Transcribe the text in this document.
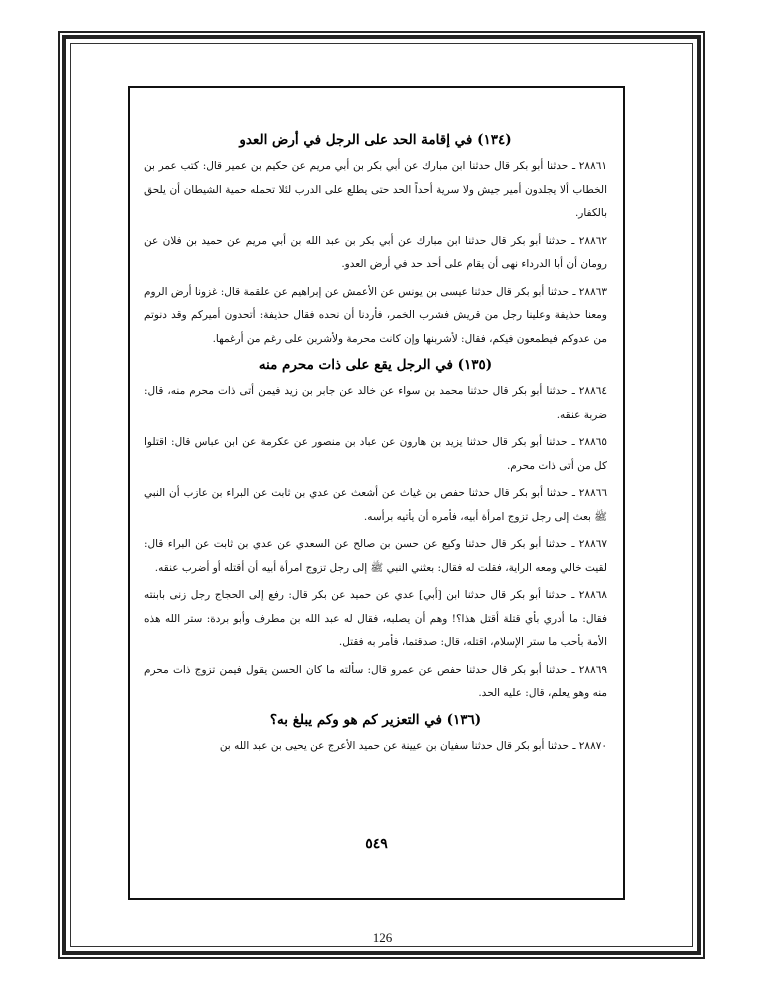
(١٣٤) في إقامة الحد على الرجل في أرض العدو

٢٨٨٦١ ـ حدثنا أبو بكر قال حدثنا ابن مبارك عن أبي بكر بن أبي مريم عن حكيم بن عمير قال: كتب عمر بن الخطاب ألا يجلدون أمير جيش ولا سرية أحداً الحد حتى يطلع على الدرب لئلا تحمله حمية الشيطان أن يلحق بالكفار.

٢٨٨٦٢ ـ حدثنا أبو بكر قال حدثنا ابن مبارك عن أبي بكر بن عبد الله بن أبي مريم عن حميد بن فلان عن رومان أن أبا الدرداء نهى أن يقام على أحد حد في أرض العدو.

٢٨٨٦٣ ـ حدثنا أبو بكر قال حدثنا عيسى بن يونس عن الأعمش عن إبراهيم عن علقمة قال: غزونا أرض الروم ومعنا حذيفة وعلينا رجل من قريش فشرب الخمر، فأردنا أن نحده فقال حذيفة: أتحدون أميركم وقد دنوتم من عدوكم فيطمعون فيكم، فقال: لأشربنها وإن كانت محرمة ولأشربن على رغم من أرغمها.

(١٣٥) في الرجل يقع على ذات محرم منه

٢٨٨٦٤ ـ حدثنا أبو بكر قال حدثنا محمد بن سواء عن خالد عن جابر بن زيد فيمن أتى ذات محرم منه، قال: ضربة عنقه.

٢٨٨٦٥ ـ حدثنا أبو بكر قال حدثنا يزيد بن هارون عن عباد بن منصور عن عكرمة عن ابن عباس قال: اقتلوا كل من أتى ذات محرم.

٢٨٨٦٦ ـ حدثنا أبو بكر قال حدثنا حفص بن غياث عن أشعث عن عدي بن ثابت عن البراء بن عازب أن النبي ﷺ بعث إلى رجل تزوج امرأة أبيه، فأمره أن يأتيه برأسه.

٢٨٨٦٧ ـ حدثنا أبو بكر قال حدثنا وكيع عن حسن بن صالح عن السعدي عن عدي بن ثابت عن البراء قال: لقيت خالي ومعه الراية، فقلت له فقال: بعثني النبي ﷺ إلى رجل تزوج امرأة أبيه أن أقتله أو أضرب عنقه.

٢٨٨٦٨ ـ حدثنا أبو بكر قال حدثنا ابن [أبي] عدي عن حميد عن بكر قال: رفع إلى الحجاج رجل زنى بابنته فقال: ما أدري بأي قتلة أقتل هذا؟! وهم أن يصلبه، فقال له عبد الله بن مطرف وأبو بردة: ستر الله هذه الأمة بأحب ما ستر الإسلام، اقتله، قال: صدقتما، فأمر به فقتل.

٢٨٨٦٩ ـ حدثنا أبو بكر قال حدثنا حفص عن عمرو قال: سألته ما كان الحسن يقول فيمن تزوج ذات محرم منه وهو يعلم، قال: عليه الحد.

(١٣٦) في التعزير كم هو وكم يبلغ به؟

٢٨٨٧٠ ـ حدثنا أبو بكر قال حدثنا سفيان بن عيينة عن حميد الأعرج عن يحيى بن عبد الله بن

٥٤٩
126
